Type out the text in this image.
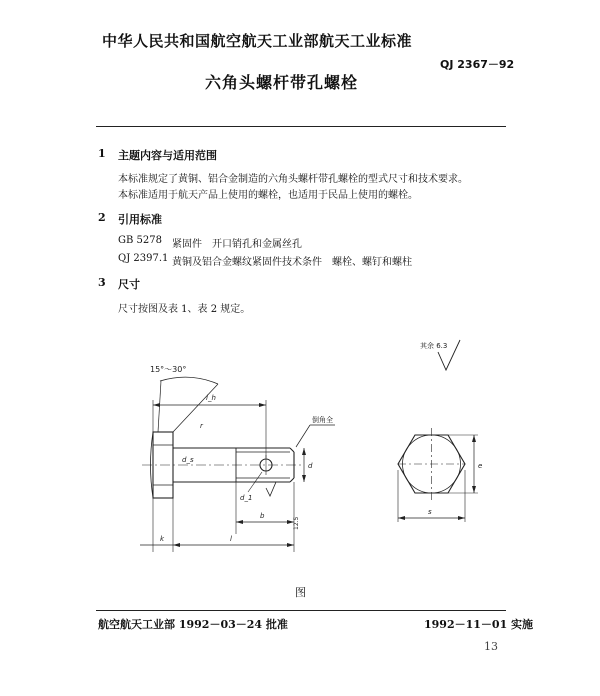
中华人民共和国航空航天工业部航天工业标准
QJ 2367－92
六角头螺杆带孔螺栓
1 主题内容与适用范围
本标准规定了黄铜、铝合金制造的六角头螺杆带孔螺栓的型式尺寸和技术要求。
本标准适用于航天产品上使用的螺栓，也适用于民品上使用的螺栓。
2 引用标准
GB 5278 紧固件　开口销孔和金属丝孔
QJ 2397.1 黄铜及铝合金螺纹紧固件技术条件　螺栓、螺钉和螺柱
3 尺寸
尺寸按图及表 1、表 2 规定。
15°～30°
其余 6.3
l_h
倒角全
r
d_s
d
d_1
b
l
k
12.5
s
e
图
航空航天工业部 1992－03－24 批准	1992－11－01 实施
13
